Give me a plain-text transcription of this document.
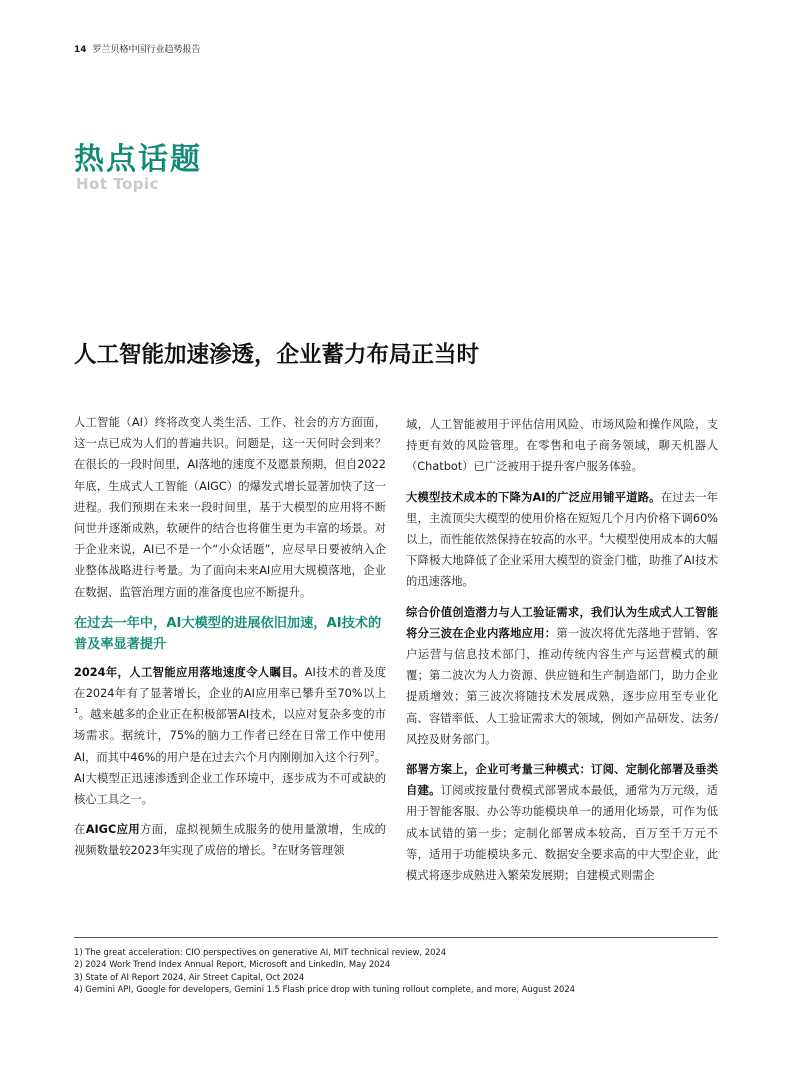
14 罗兰贝格中国行业趋势报告
热点话题
Hot Topic
人工智能加速渗透，企业蓄力布局正当时

人工智能（AI）终将改变人类生活、工作、社会的方方面面，这一点已成为人们的普遍共识。问题是，这一天何时会到来？在很长的一段时间里，AI落地的速度不及愿景预期，但自2022年底，生成式人工智能（AIGC）的爆发式增长显著加快了这一进程。我们预期在未来一段时间里，基于大模型的应用将不断问世并逐渐成熟，软硬件的结合也将催生更为丰富的场景。对于企业来说，AI已不是一个“小众话题”，应尽早日要被纳入企业整体战略进行考量。为了面向未来AI应用大规模落地，企业在数据、监管治理方面的准备度也应不断提升。

在过去一年中，AI大模型的进展依旧加速，AI技术的普及率显著提升

2024年，人工智能应用落地速度令人瞩目。AI技术的普及度在2024年有了显著增长，企业的AI应用率已攀升至70%以上$^1$。越来越多的企业正在积极部署AI技术，以应对复杂多变的市场需求。据统计，75%的脑力工作者已经在日常工作中使用AI，而其中46%的用户是在过去六个月内刚刚加入这个行列$^2$。AI大模型正迅速渗透到企业工作环境中，逐步成为不可或缺的核心工具之一。

在AIGC应用方面，虚拟视频生成服务的使用量激增，生成的视频数量较2023年实现了成倍的增长。$^3$在财务管理领

域，人工智能被用于评估信用风险、市场风险和操作风险，支持更有效的风险管理。在零售和电子商务领域，聊天机器人（Chatbot）已广泛被用于提升客户服务体验。

大模型技术成本的下降为AI的广泛应用铺平道路。在过去一年里，主流顶尖大模型的使用价格在短短几个月内价格下调60%以上，而性能依然保持在较高的水平。$^4$大模型使用成本的大幅下降极大地降低了企业采用大模型的资金门槛，助推了AI技术的迅速落地。

综合价值创造潜力与人工验证需求，我们认为生成式人工智能将分三波在企业内落地应用：第一波次将优先落地于营销、客户运营与信息技术部门，推动传统内容生产与运营模式的颠覆；第二波次为人力资源、供应链和生产制造部门，助力企业提质增效；第三波次将随技术发展成熟，逐步应用至专业化高、容错率低、人工验证需求大的领域，例如产品研发、法务/风控及财务部门。

部署方案上，企业可考量三种模式：订阅、定制化部署及垂类自建。订阅或按量付费模式部署成本最低，通常为万元级，适用于智能客服、办公等功能模块单一的通用化场景，可作为低成本试错的第一步；定制化部署成本较高，百万至千万元不等，适用于功能模块多元、数据安全要求高的中大型企业，此模式将逐步成熟进入繁荣发展期；自建模式则需企

1) The great acceleration: CIO perspectives on generative AI, MIT technical review, 2024
2) 2024 Work Trend Index Annual Report, Microsoft and LinkedIn, May 2024
3) State of AI Report 2024, Air Street Capital, Oct 2024
4) Gemini API, Google for developers, Gemini 1.5 Flash price drop with tuning rollout complete, and more, August 2024
